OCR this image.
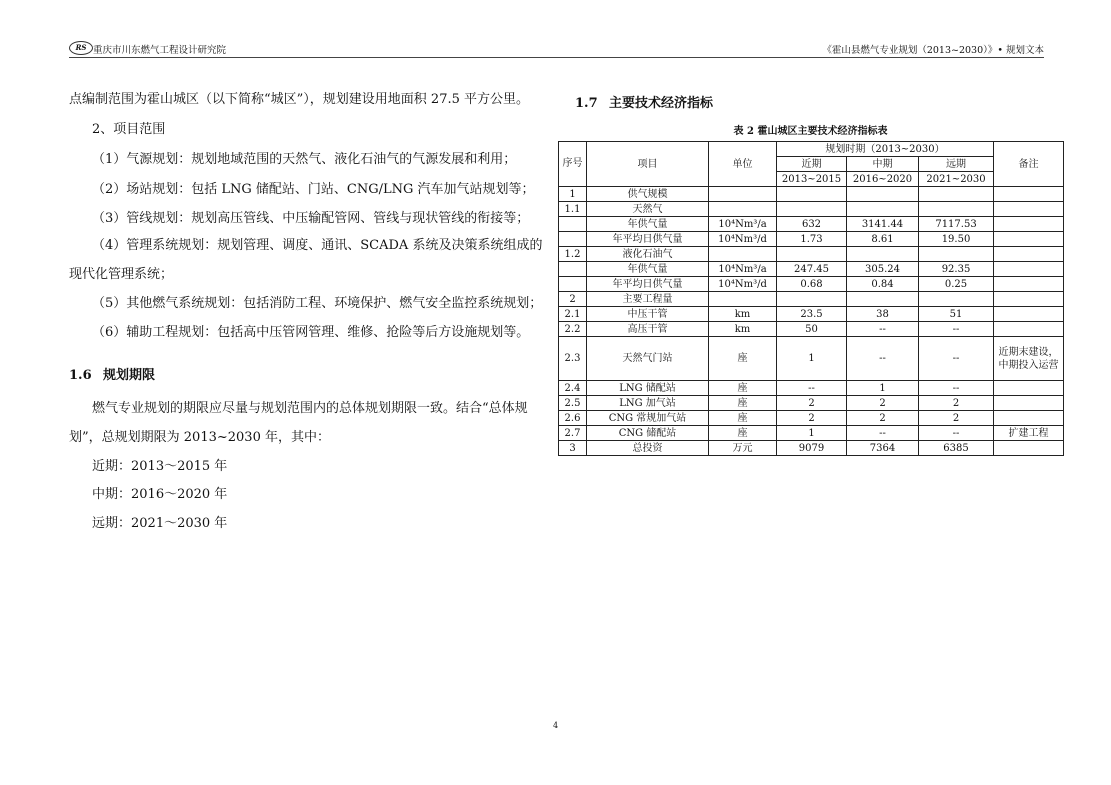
RS 重庆市川东燃气工程设计研究院	《霍山县燃气专业规划（2013~2030）》• 规划文本
点编制范围为霍山城区（以下简称“城区”），规划建设用地面积 27.5 平方公里。
2、项目范围
（1）气源规划：规划地域范围的天然气、液化石油气的气源发展和利用；
（2）场站规划：包括 LNG 储配站、门站、CNG/LNG 汽车加气站规划等；
（3）管线规划：规划高压管线、中压输配管网、管线与现状管线的衔接等；
（4）管理系统规划：规划管理、调度、通讯、SCADA 系统及决策系统组成的
现代化管理系统；
（5）其他燃气系统规划：包括消防工程、环境保护、燃气安全监控系统规划；
（6）辅助工程规划：包括高中压管网管理、维修、抢险等后方设施规划等。
1.6 规划期限
燃气专业规划的期限应尽量与规划范围内的总体规划期限一致。结合“总体规
划”，总规划期限为 2013~2030 年，其中：
近期：2013～2015 年
中期：2016～2020 年
远期：2021～2030 年
1.7 主要技术经济指标
表 2 霍山城区主要技术经济指标表
序号	项目	单位	规划时期（2013~2030）			备注
			近期	中期	远期	
			2013~2015	2016~2020	2021~2030	
1	供气规模					
1.1	天然气					
	年供气量	10⁴Nm³/a	632	3141.44	7117.53	
	年平均日供气量	10⁴Nm³/d	1.73	8.61	19.50	
1.2	液化石油气					
	年供气量	10⁴Nm³/a	247.45	305.24	92.35	
	年平均日供气量	10⁴Nm³/d	0.68	0.84	0.25	
2	主要工程量					
2.1	中压干管	km	23.5	38	51	
2.2	高压干管	km	50	--	--	
2.3	天然气门站	座	1	--	--	近期末建设，中期投入运营
2.4	LNG 储配站	座	--	1	--	
2.5	LNG 加气站	座	2	2	2	
2.6	CNG 常规加气站	座	2	2	2	
2.7	CNG 储配站	座	1	--	--	扩建工程
3	总投资	万元	9079	7364	6385	
4
